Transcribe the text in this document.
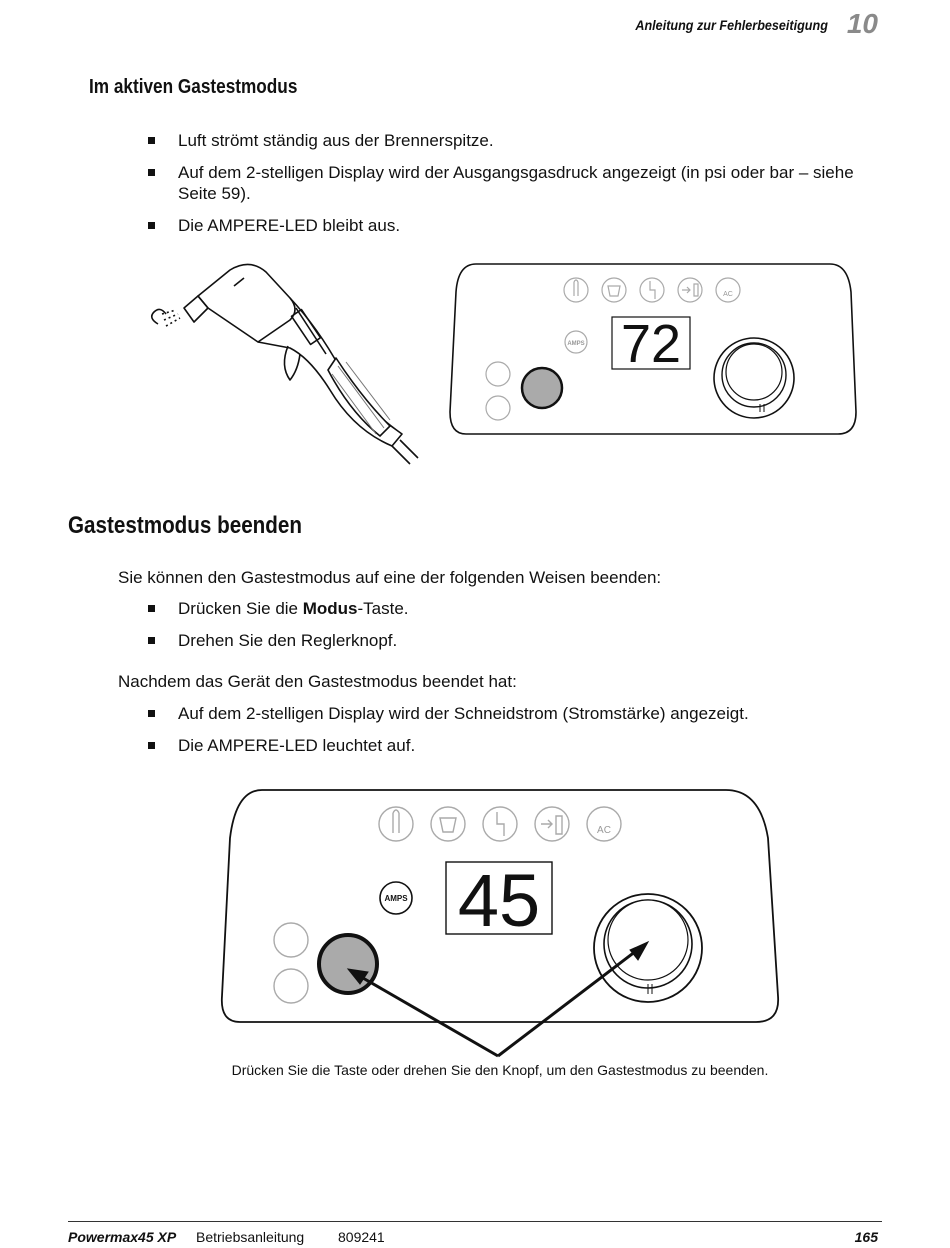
Anleitung zur Fehlerbeseitigung 10
Im aktiven Gastestmodus
Luft strömt ständig aus der Brennerspitze.
Auf dem 2-stelligen Display wird der Ausgangsgasdruck angezeigt (in psi oder bar – siehe Seite 59).
Die AMPERE-LED bleibt aus.
AC
AMPS 72
Gastestmodus beenden
Sie können den Gastestmodus auf eine der folgenden Weisen beenden:
Drücken Sie die Modus-Taste.
Drehen Sie den Reglerknopf.
Nachdem das Gerät den Gastestmodus beendet hat:
Auf dem 2-stelligen Display wird der Schneidstrom (Stromstärke) angezeigt.
Die AMPERE-LED leuchtet auf.
AC
AMPS 45
Drücken Sie die Taste oder drehen Sie den Knopf, um den Gastestmodus zu beenden.
Powermax45 XP Betriebsanleitung 809241	165
